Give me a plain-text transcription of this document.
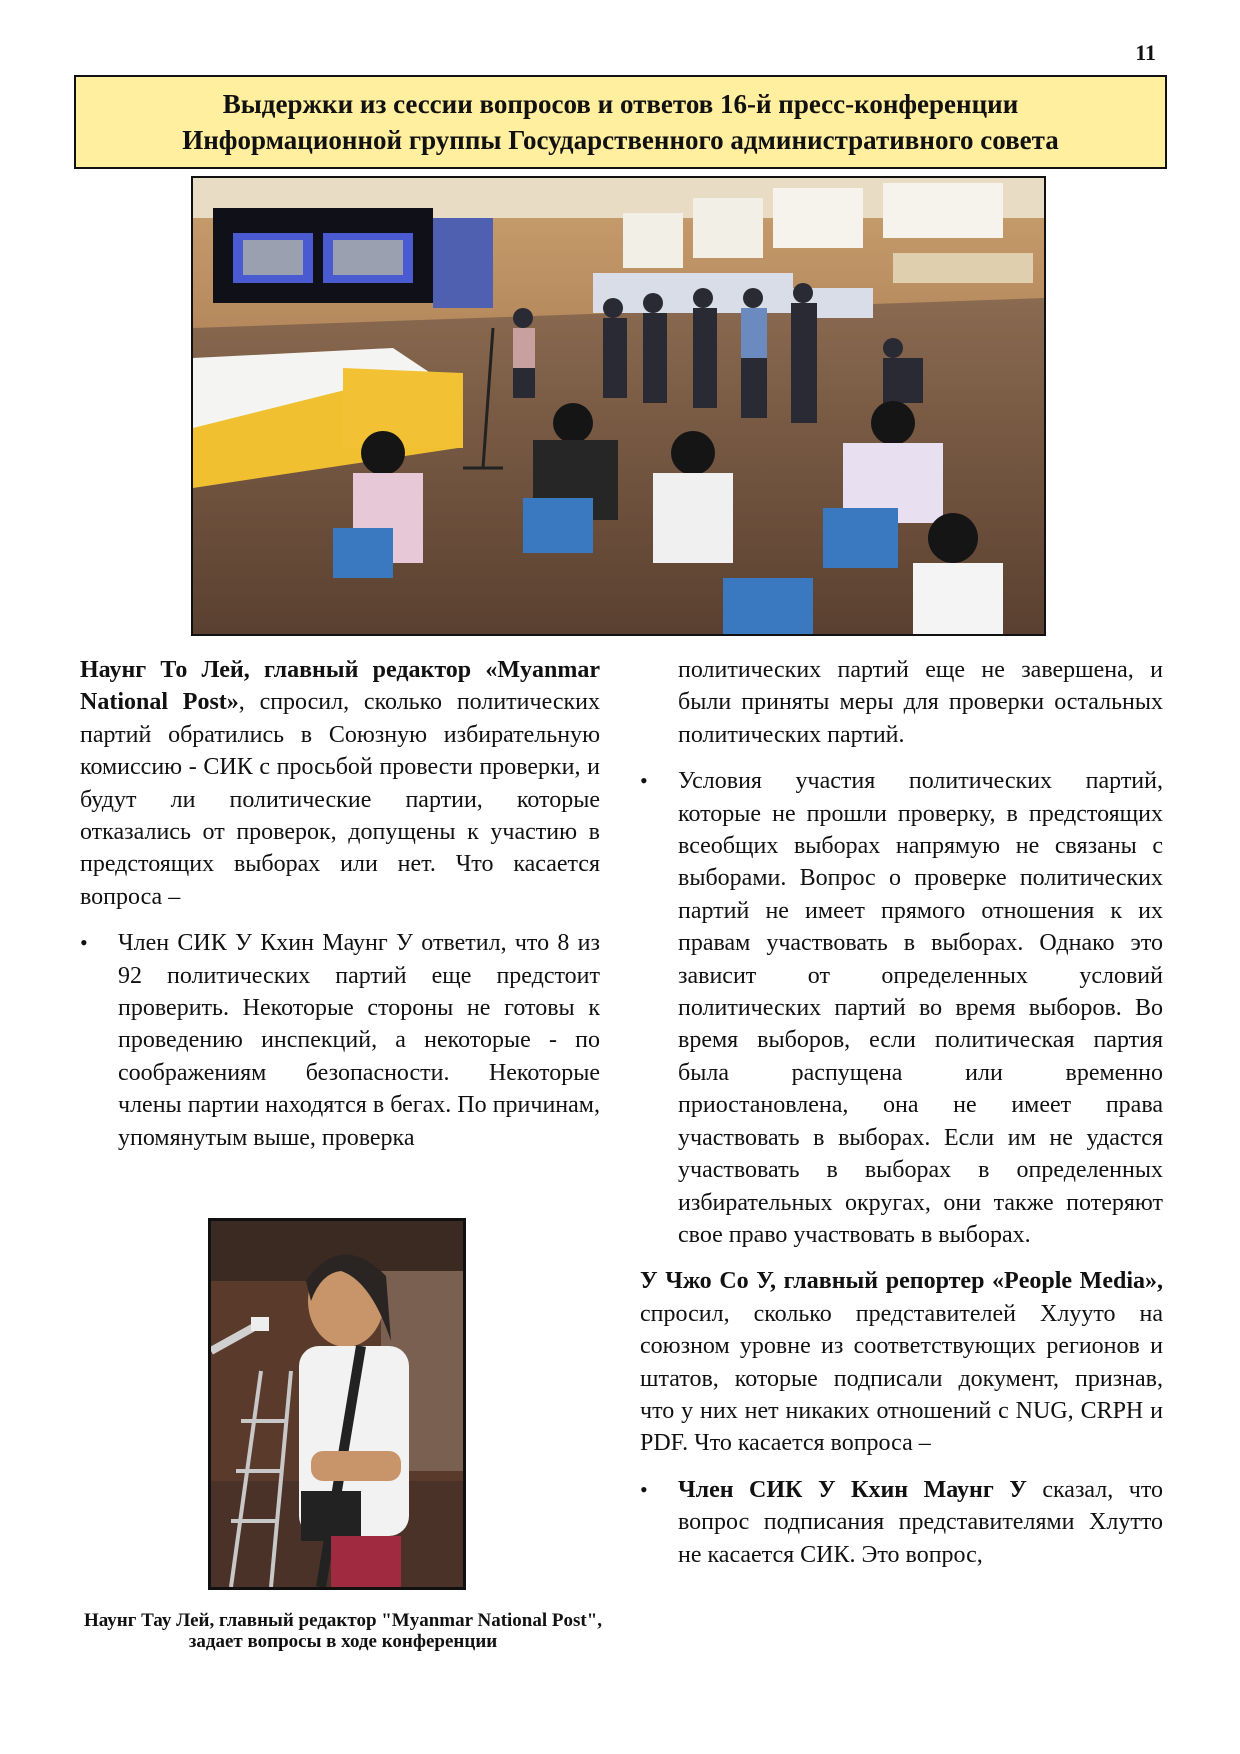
11
Выдержки из сессии вопросов и ответов 16-й пресс-конференции
Информационной группы Государственного административного совета

Наунг То Лей, главный редактор «Myanmar National Post», спросил, сколько политических партий обратились в Союзную избирательную комиссию - СИК с просьбой провести проверки, и будут ли политические партии, которые отказались от проверок, допущены к участию в предстоящих выборах или нет. Что касается вопроса –

• Член СИК У Кхин Маунг У ответил, что 8 из 92 политических партий еще предстоит проверить. Некоторые стороны не готовы к проведению инспекций, а некоторые - по соображениям безопасности. Некоторые члены партии находятся в бегах. По причинам, упомянутым выше, проверка
Наунг Тау Лей, главный редактор "Myanmar National Post", задает вопросы в ходе конференции

политических партий еще не завершена, и были приняты меры для проверки остальных политических партий.

• Условия участия политических партий, которые не прошли проверку, в предстоящих всеобщих выборах напрямую не связаны с выборами. Вопрос о проверке политических партий не имеет прямого отношения к их правам участвовать в выборах. Однако это зависит от определенных условий политических партий во время выборов. Во время выборов, если политическая партия была распущена или временно приостановлена, она не имеет права участвовать в выборах. Если им не удастся участвовать в выборах в определенных избирательных округах, они также потеряют свое право участвовать в выборах.

У Чжо Со У, главный репортер «People Media», спросил, сколько представителей Хлууто на союзном уровне из соответствующих регионов и штатов, которые подписали документ, признав, что у них нет никаких отношений с NUG, CRPH и PDF. Что касается вопроса –

• Член СИК У Кхин Маунг У сказал, что вопрос подписания представителями Хлутто не касается СИК. Это вопрос,
